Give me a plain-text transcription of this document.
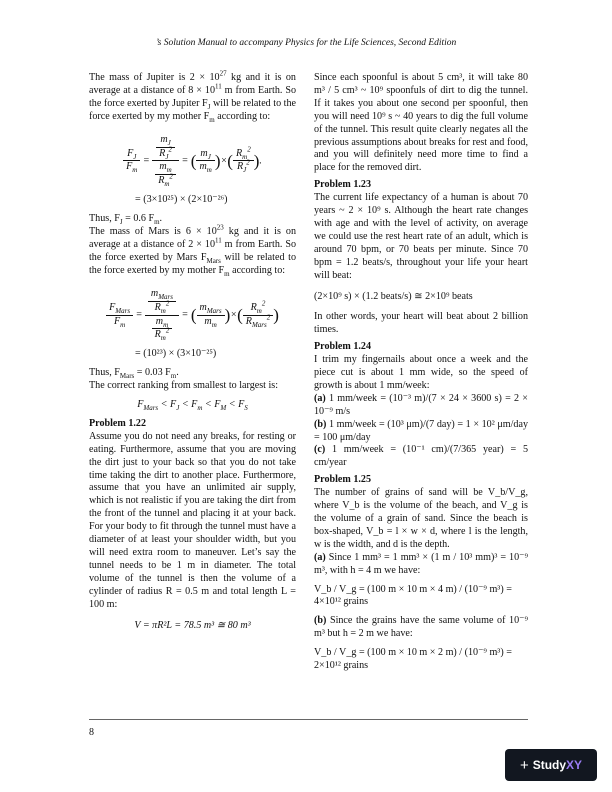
’s Solution Manual to accompany Physics for the Life Sciences, Second Edition

The mass of Jupiter is $2 \times 10^{27}$ kg and it is on average at a distance of $8 \times 10^{11}$ m from Earth. So the force exerted by Jupiter $F_J$ will be related to the force exerted by my mother $F_m$ according to:

$\frac{F_J}{F_m}$ =
$\frac{m_J}{R_J^2}$
$\frac{m_m}{R_m^2}$
= ( $\frac{m_J}{m_m}$ )×( $\frac{R_m^2}{R_J^2}$ ).
= (3×10²⁵) × (2×10⁻²⁶)

Thus, $F_J = 0.6$ $F_m$.

The mass of Mars is $6 \times 10^{23}$ kg and it is on average at a distance of $2 \times 10^{11}$ m from Earth. So the force exerted by Mars $F_{Mars}$ will be related to the force exerted by my mother $F_m$ according to:

$F_{Mars}$
$F_m$
=
$m_{Mars}$
$R_m^2$
$\frac{m_m}{R_m^2}$
= ( $m_{Mars}$
$m_m$
)×( $R_m^2$
$R_{Mars}^2$ )
= (10²³) × (3×10⁻²⁵)

Thus, $F_{Mars} = 0.03$ $F_m$.

The correct ranking from smallest to largest is:

$F_{Mars} < F_J < F_m < F_M < F_S$

Problem 1.22

Assume you do not need any breaks, for resting or eating. Furthermore, assume that you are moving the dirt just to your back so that you do not take time taking the dirt to another place. Furthermore, assume that you have an unlimited air supply, which is not realistic if you are taking the dirt from the front of the tunnel and placing it at your back. For your body to fit through the tunnel must have a diameter of at least your shoulder width, but you will need extra room to maneuver. Let’s say the tunnel needs to be 1 m in diameter. The total volume of the tunnel is then the volume of a cylinder of radius R = 0.5 m and total length L = 100 m:

V = πR²L = 78.5 m³ ≅ 80 m³

Since each spoonful is about 5 cm³, it will take 80 m³ / 5 cm³ ~ 10⁹ spoonfuls of dirt to dig the tunnel. If it takes you about one second per spoonful, then you will need 10⁹ s ~ 40 years to dig the full volume of the tunnel. This result quite clearly negates all the previous assumptions about breaks for rest and food, and you will definitely need more time to find a place for the removed dirt.

Problem 1.23

The current life expectancy of a human is about 70 years ~ 2 × 10⁹ s. Although the heart rate changes with age and with the level of activity, on average we could use the rest heart rate of an adult, which is around 70 bpm, or 70 beats per minute. Since 70 bpm = 1.2 beats/s, throughout your life your heart will beat:

(2×10⁹ s) × (1.2 beats/s) ≅ 2×10⁹ beats

In other words, your heart will beat about 2 billion times.

Problem 1.24

I trim my fingernails about once a week and the piece cut is about 1 mm wide, so the speed of growth is about 1 mm/week:

(a) 1 mm/week = (10⁻³ m)/(7 × 24 × 3600 s) = 2 × 10⁻⁹ m/s

(b) 1 mm/week = (10³ μm)/(7 day) = 1 × 10² μm/day = 100 μm/day

(c) 1 mm/week = (10⁻¹ cm)/(7/365 year) = 5 cm/year

Problem 1.25

The number of grains of sand will be V_b/V_g, where V_b is the volume of the beach, and V_g is the volume of a grain of sand. Since the beach is box-shaped, V_b = l × w × d, where l is the length, w is the width, and d is the depth.

(a) Since 1 mm³ = 1 mm³ × (1 m / 10³ mm)³ = 10⁻⁹ m³, with h = 4 m we have:

V_b / V_g = (100 m × 10 m × 4 m) / (10⁻⁹ m³) = 4×10¹² grains

(b) Since the grains have the same volume of 10⁻⁹ m³ but h = 2 m we have:

V_b / V_g = (100 m × 10 m × 2 m) / (10⁻⁹ m³) = 2×10¹² grains
8
+ Study XY
